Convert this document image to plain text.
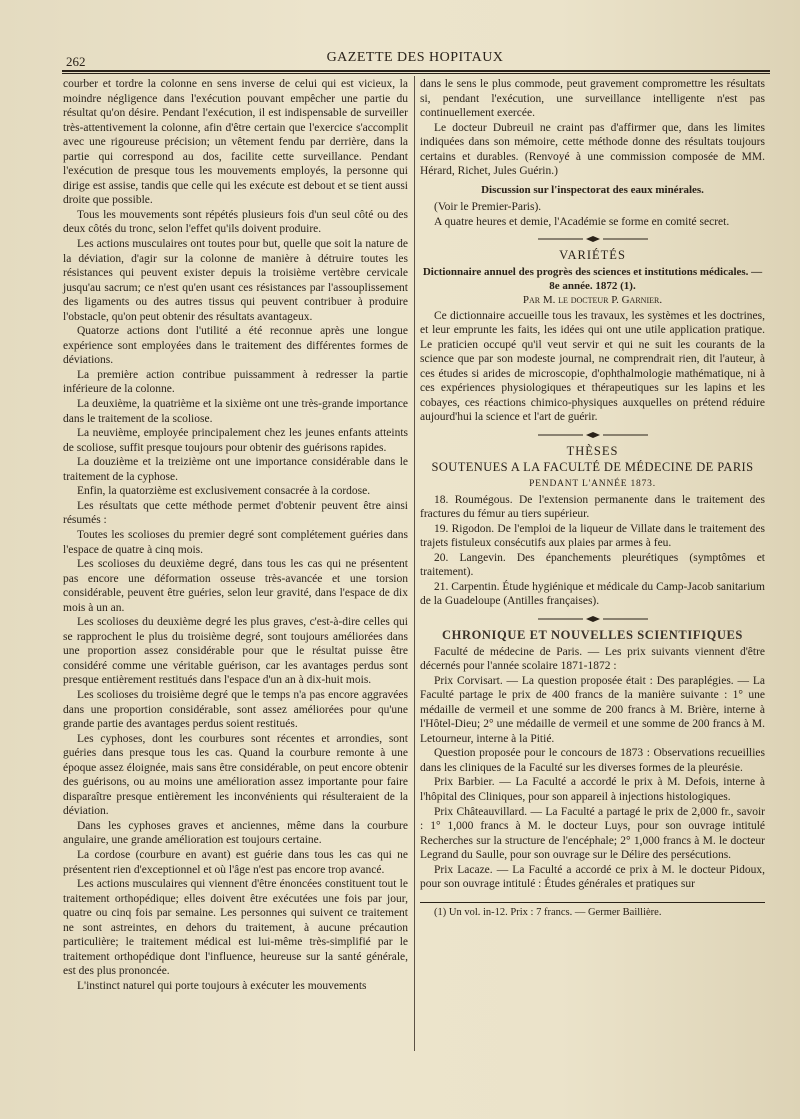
262	GAZETTE DES HOPITAUX

courber et tordre la colonne en sens inverse de celui qui est vicieux, la moindre négligence dans l'exécution pouvant empêcher une partie du résultat qu'on désire. Pendant l'exécution, il est indispensable de surveiller très-attentivement la colonne, afin d'être certain que l'exercice s'accomplit avec une rigoureuse précision; un vêtement fendu par derrière, dans la partie qui correspond au dos, facilite cette surveillance. Pendant l'exécution de presque tous les mouvements employés, la personne qui dirige est assise, tandis que celle qui les exécute est debout et se tient aussi droite que possible.

Tous les mouvements sont répétés plusieurs fois d'un seul côté ou des deux côtés du tronc, selon l'effet qu'ils doivent produire.

Les actions musculaires ont toutes pour but, quelle que soit la nature de la déviation, d'agir sur la colonne de manière à détruire toutes les résistances qui peuvent exister depuis la troisième vertèbre cervicale jusqu'au sacrum; ce n'est qu'en usant ces résistances par l'assouplissement des ligaments ou des autres tissus qui peuvent contribuer à produire l'obstacle, qu'on peut obtenir des résultats avantageux.

Quatorze actions dont l'utilité a été reconnue après une longue expérience sont employées dans le traitement des différentes formes de déviations.

La première action contribue puissamment à redresser la partie inférieure de la colonne.

La deuxième, la quatrième et la sixième ont une très-grande importance dans le traitement de la scoliose.

La neuvième, employée principalement chez les jeunes enfants atteints de scoliose, suffit presque toujours pour obtenir des guérisons rapides.

La douzième et la treizième ont une importance considérable dans le traitement de la cyphose.

Enfin, la quatorzième est exclusivement consacrée à la cordose.

Les résultats que cette méthode permet d'obtenir peuvent être ainsi résumés :

Toutes les scolioses du premier degré sont complétement guéries dans l'espace de quatre à cinq mois.

Les scolioses du deuxième degré, dans tous les cas qui ne présentent pas encore une déformation osseuse très-avancée et une torsion considérable, peuvent être guéries, selon leur gravité, dans l'espace de dix mois à un an.

Les scolioses du deuxième degré les plus graves, c'est-à-dire celles qui se rapprochent le plus du troisième degré, sont toujours améliorées dans une proportion assez considérable pour que le résultat puisse être considéré comme une véritable guérison, car les avantages perdus sont presque entièrement restitués dans l'espace d'un an à dix-huit mois.

Les scolioses du troisième degré que le temps n'a pas encore aggravées dans une proportion considérable, sont assez améliorées pour qu'une grande partie des avantages perdus soient restitués.

Les cyphoses, dont les courbures sont récentes et arrondies, sont guéries dans presque tous les cas. Quand la courbure remonte à une époque assez éloignée, mais sans être considérable, on peut encore obtenir des guérisons, ou au moins une amélioration assez importante pour faire disparaître presque entièrement les inconvénients qui résulteraient de la déviation.

Dans les cyphoses graves et anciennes, même dans la courbure angulaire, une grande amélioration est toujours certaine.

La cordose (courbure en avant) est guérie dans tous les cas qui ne présentent rien d'exceptionnel et où l'âge n'est pas encore trop avancé.

Les actions musculaires qui viennent d'être énoncées constituent tout le traitement orthopédique; elles doivent être exécutées une fois par jour, quatre ou cinq fois par semaine. Les personnes qui suivent ce traitement ne sont astreintes, en dehors du traitement, à aucune précaution particulière; le traitement médical est lui-même très-simplifié par le traitement orthopédique dont l'influence, heureuse sur la santé générale, est des plus prononcée.

L'instinct naturel qui porte toujours à exécuter les mouvements

dans le sens le plus commode, peut gravement compromettre les résultats si, pendant l'exécution, une surveillance intelligente n'est pas continuellement exercée.

Le docteur Dubreuil ne craint pas d'affirmer que, dans les limites indiquées dans son mémoire, cette méthode donne des résultats toujours certains et durables. (Renvoyé à une commission composée de MM. Hérard, Richet, Jules Guérin.)

Discussion sur l'inspectorat des eaux minérales.

(Voir le Premier-Paris).

A quatre heures et demie, l'Académie se forme en comité secret.

VARIÉTÉS
Dictionnaire annuel des progrès des sciences et institutions médicales. — 8e année. 1872 (1).
Par M. le docteur P. Garnier.

Ce dictionnaire accueille tous les travaux, les systèmes et les doctrines, et leur emprunte les faits, les idées qui ont une utile application pratique. Le praticien occupé qu'il veut servir et qui ne suit les courants de la science que par son modeste journal, ne comprendrait rien, dit l'auteur, à ces études si arides de microscopie, d'ophthalmologie mathématique, ni à ces expériences physiologiques et thérapeutiques sur les lapins et les cobayes, ces réactions chimico-physiques auxquelles on prétend réduire aujourd'hui la science et l'art de guérir.

THÈSES
SOUTENUES A LA FACULTÉ DE MÉDECINE DE PARIS
PENDANT L'ANNÉE 1873.

18. Roumégous. De l'extension permanente dans le traitement des fractures du fémur au tiers supérieur.

19. Rigodon. De l'emploi de la liqueur de Villate dans le traitement des trajets fistuleux consécutifs aux plaies par armes à feu.

20. Langevin. Des épanchements pleurétiques (symptômes et traitement).

21. Carpentin. Étude hygiénique et médicale du Camp-Jacob sanitarium de la Guadeloupe (Antilles françaises).

CHRONIQUE ET NOUVELLES SCIENTIFIQUES

Faculté de médecine de Paris. — Les prix suivants viennent d'être décernés pour l'année scolaire 1871-1872 :

Prix Corvisart. — La question proposée était : Des paraplégies. — La Faculté partage le prix de 400 francs de la manière suivante : 1° une médaille de vermeil et une somme de 200 francs à M. Brière, interne à l'Hôtel-Dieu; 2° une médaille de vermeil et une somme de 200 francs à M. Letourneur, interne à la Pitié.

Question proposée pour le concours de 1873 : Observations recueillies dans les cliniques de la Faculté sur les diverses formes de la pleurésie.

Prix Barbier. — La Faculté a accordé le prix à M. Defois, interne à l'hôpital des Cliniques, pour son appareil à injections histologiques.

Prix Châteauvillard. — La Faculté a partagé le prix de 2,000 fr., savoir : 1° 1,000 francs à M. le docteur Luys, pour son ouvrage intitulé Recherches sur la structure de l'encéphale; 2° 1,000 francs à M. le docteur Legrand du Saulle, pour son ouvrage sur le Délire des persécutions.

Prix Lacaze. — La Faculté a accordé ce prix à M. le docteur Pidoux, pour son ouvrage intitulé : Études générales et pratiques sur

(1) Un vol. in-12. Prix : 7 francs. — Germer Baillière.
